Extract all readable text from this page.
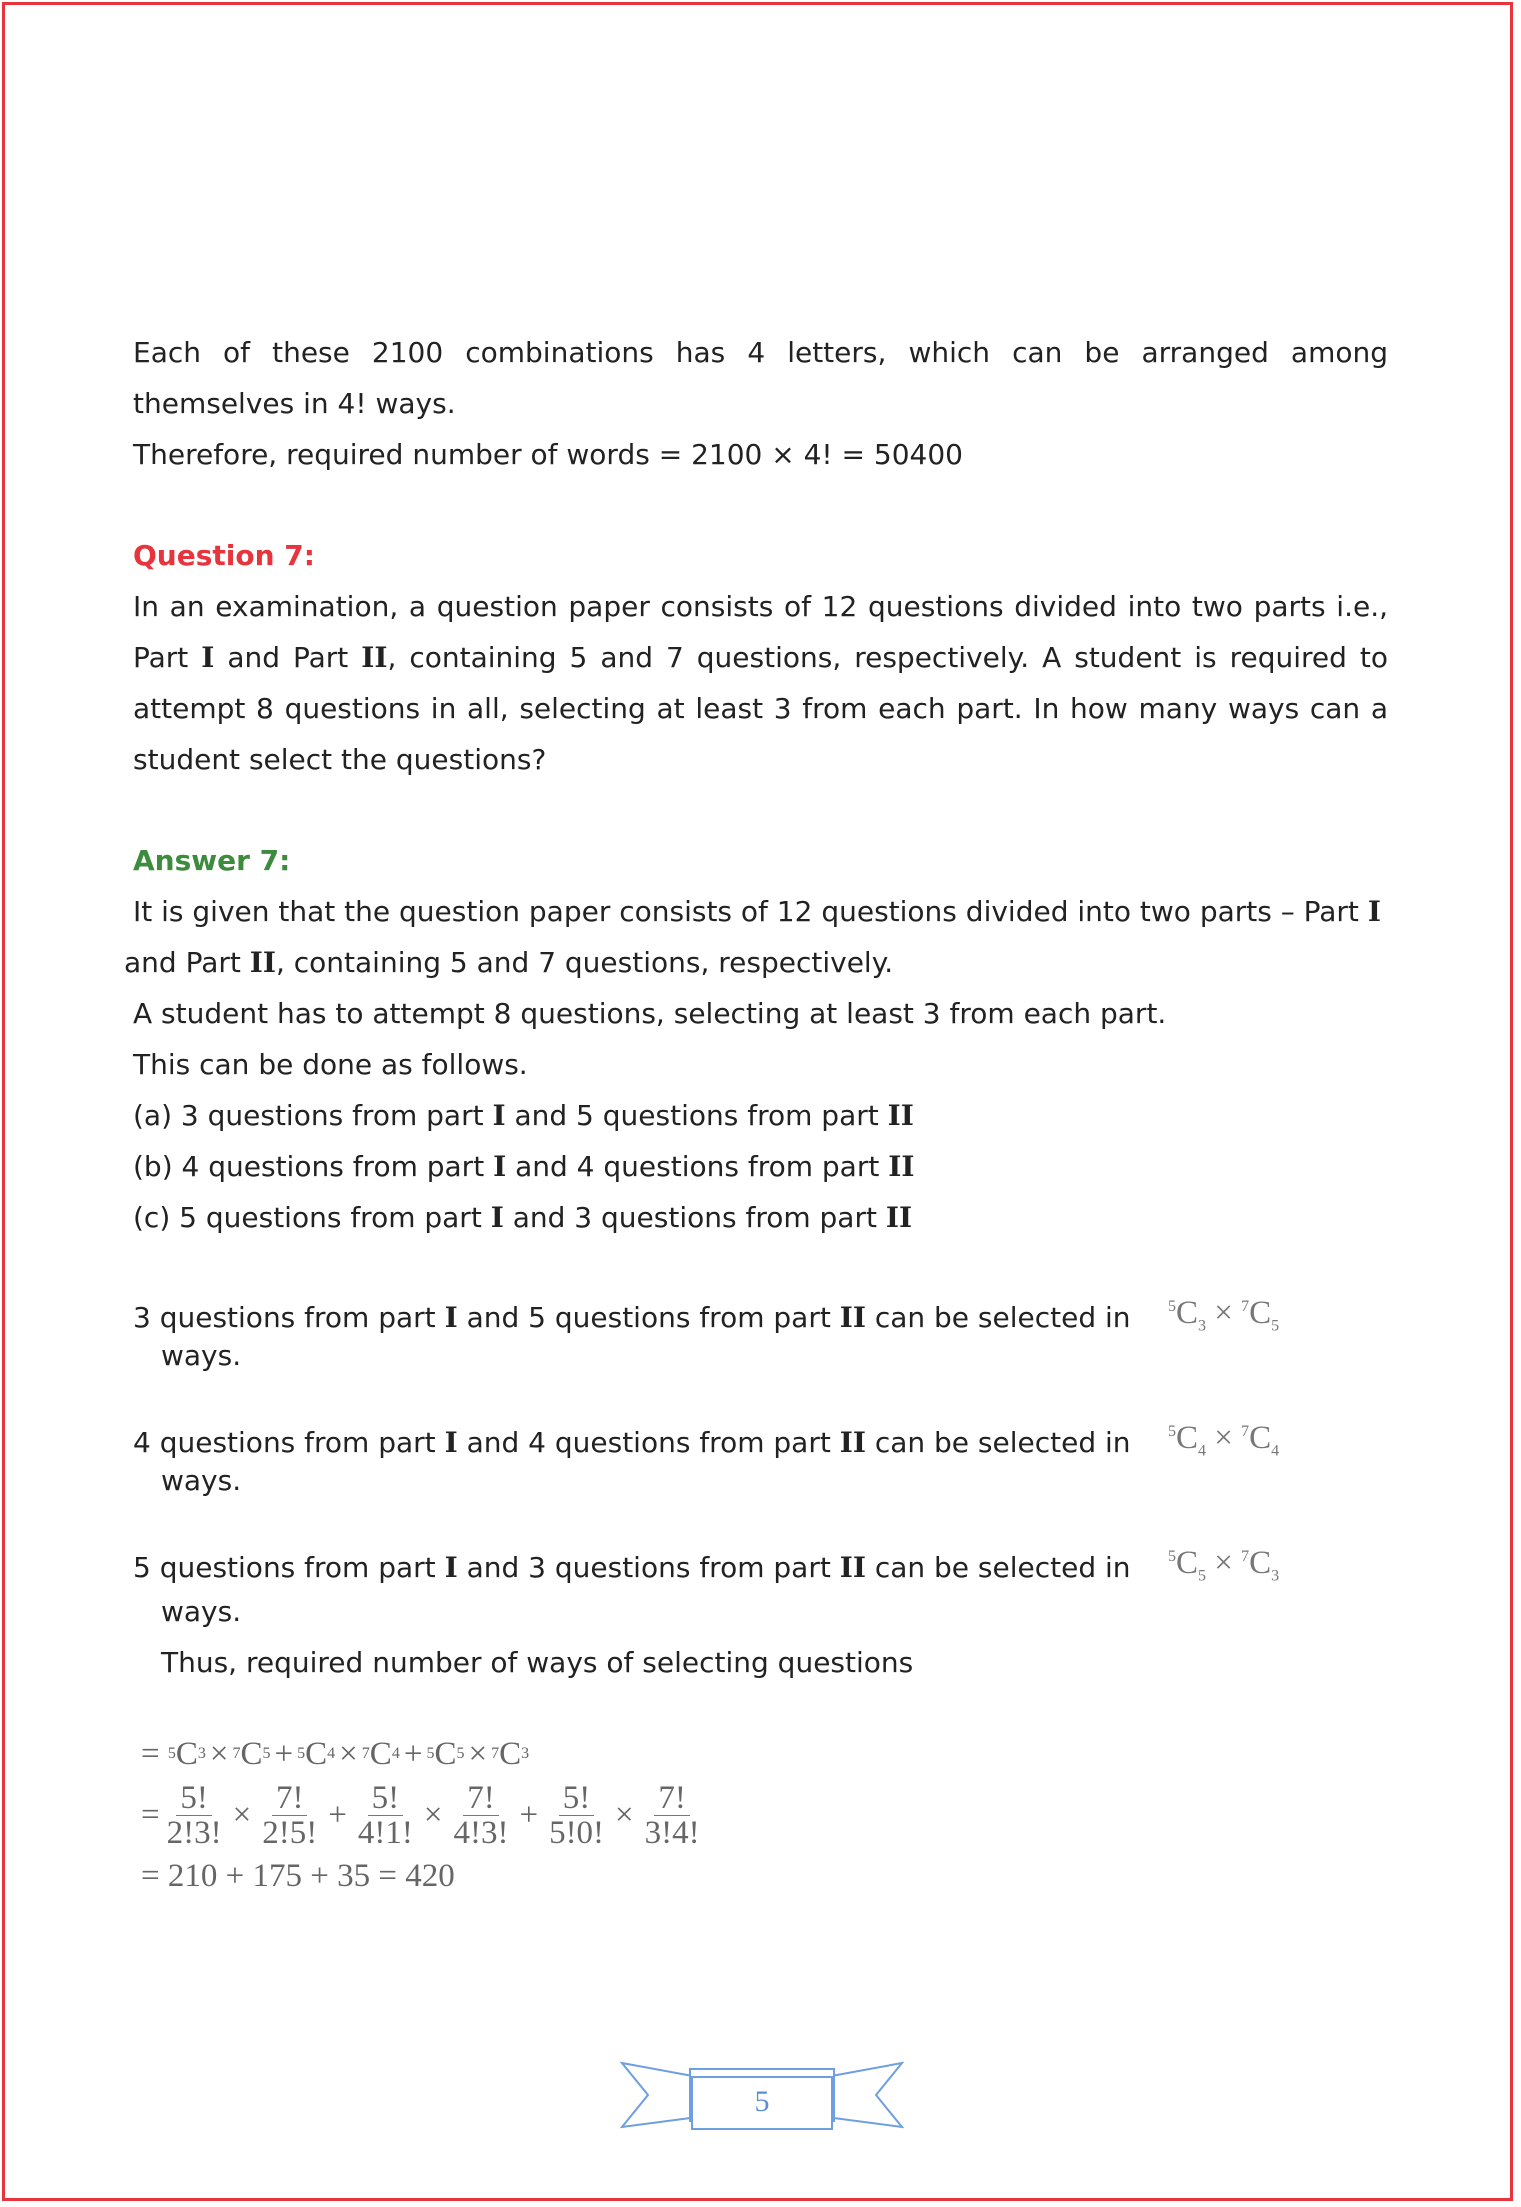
Each of these 2100 combinations has 4 letters, which can be arranged among themselves in 4! ways.

Therefore, required number of words = 2100 × 4! = 50400

Question 7:

In an examination, a question paper consists of 12 questions divided into two parts i.e., Part I and Part II, containing 5 and 7 questions, respectively. A student is required to attempt 8 questions in all, selecting at least 3 from each part. In how many ways can a student select the questions?

Answer 7:

It is given that the question paper consists of 12 questions divided into two parts – Part I
and Part II, containing 5 and 7 questions, respectively.

A student has to attempt 8 questions, selecting at least 3 from each part.

This can be done as follows.

(a) 3 questions from part I and 5 questions from part II

(b) 4 questions from part I and 4 questions from part II

(c) 5 questions from part I and 3 questions from part II

3 questions from part I and 5 questions from part II can be selected in

ways.

$^5C_3 \times ^7C_5$

4 questions from part I and 4 questions from part II can be selected in

ways.

$^5C_4 \times ^7C_4$

5 questions from part I and 3 questions from part II can be selected in

ways.

$^5C_5 \times ^7C_3$

Thus, required number of ways of selecting questions

= 5 C 3 × 7 C 5 + 5 C 4 × 7 C 4 + 5 C 5 × 7 C 3
= $\frac{5!}{2!3!} \times \frac{7!}{2!5!} + \frac{5!}{4!1!} \times \frac{7!}{4!3!} + \frac{5!}{5!0!} \times \frac{7!}{3!4!}$
= 210 + 175 + 35 = 420
5
